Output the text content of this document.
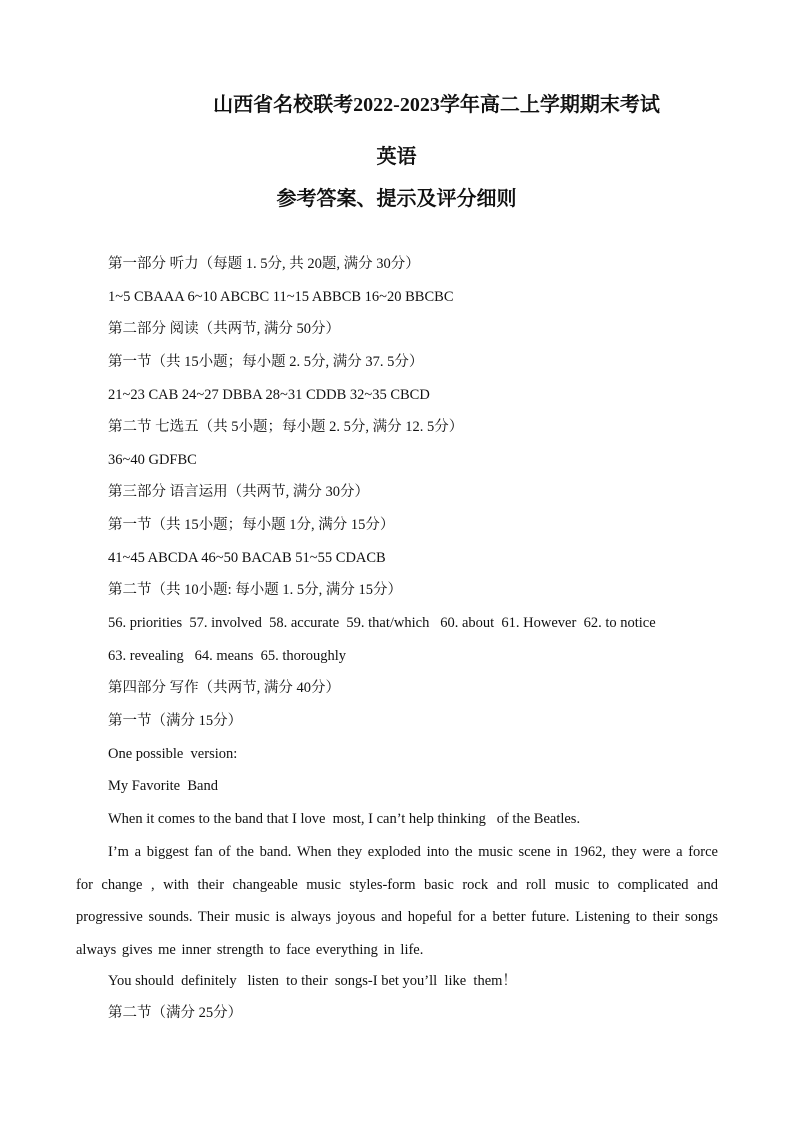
山西省名校联考2022-2023学年高二上学期期末考试
英语
参考答案、提示及评分细则
第一部分 听力（每题 1. 5分, 共 20题, 满分 30分）
1~5 CBAAA 6~10 ABCBC 11~15 ABBCB 16~20 BBCBC
第二部分 阅读（共两节, 满分 50分）
第一节（共 15小题；每小题 2. 5分, 满分 37. 5分）
21~23 CAB 24~27 DBBA 28~31 CDDB 32~35 CBCD
第二节 七选五（共 5小题；每小题 2. 5分, 满分 12. 5分）
36~40 GDFBC
第三部分 语言运用（共两节, 满分 30分）
第一节（共 15小题；每小题 1分, 满分 15分）
41~45 ABCDA 46~50 BACAB 51~55 CDACB
第二节（共 10小题: 每小题 1. 5分, 满分 15分）
56. priorities  57. involved  58. accurate  59. that/which   60. about  61. However  62. to notice
63. revealing   64. means  65. thoroughly
第四部分 写作（共两节, 满分 40分）
第一节（满分 15分）
One possible  version:
My Favorite  Band
When it comes to the band that I love  most, I can’t help thinking   of the Beatles.
I’m a biggest fan of the band. When they exploded into the music scene in 1962, they were a force for change , with their changeable music styles-form basic rock and roll music to complicated and progressive sounds. Their music is always joyous and hopeful for a better future. Listening to their songs always gives me inner strength to face everything in life.
You should  definitely   listen  to their  songs-I bet you’ll  like  them！
第二节（满分 25分）
